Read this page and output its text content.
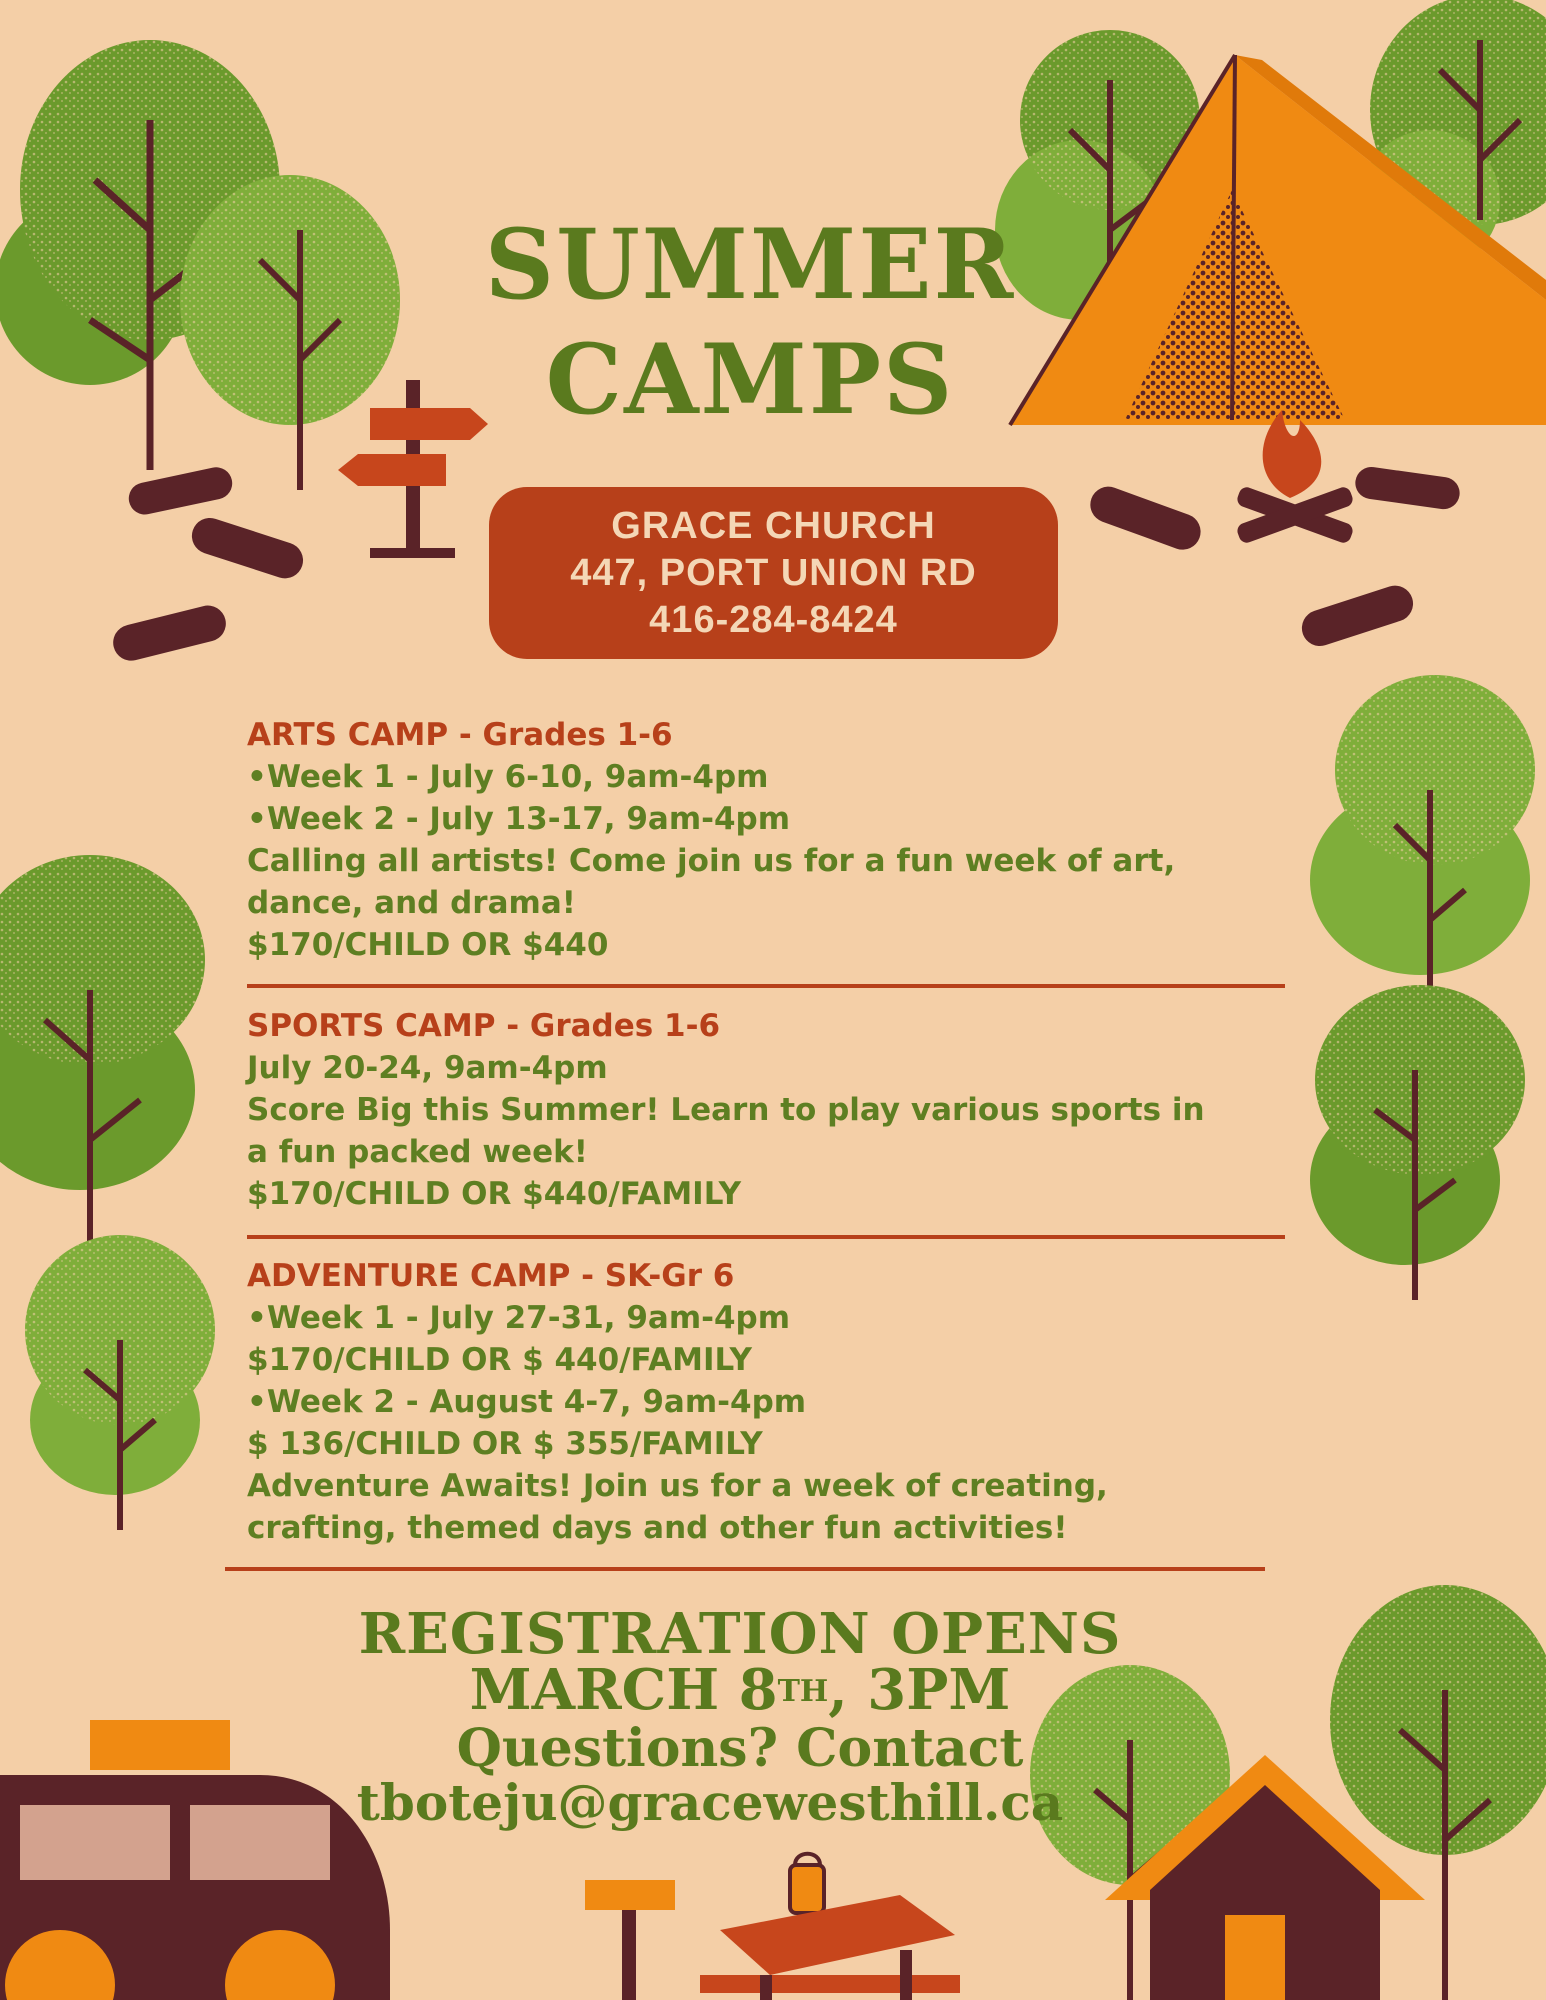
SUMMER
CAMPS
GRACE CHURCH
447, PORT UNION RD
416-284-8424
ARTS CAMP - Grades 1-6
•Week 1 - July 6-10, 9am-4pm
•Week 2 - July 13-17, 9am-4pm
Calling all artists! Come join us for a fun week of art,
dance, and drama!
$170/CHILD OR $440
SPORTS CAMP - Grades 1-6
July 20-24, 9am-4pm
Score Big this Summer! Learn to play various sports in
a fun packed week!
$170/CHILD OR $440/FAMILY
ADVENTURE CAMP - SK-Gr 6
•Week 1 - July 27-31, 9am-4pm
$170/CHILD OR $ 440/FAMILY
•Week 2 - August 4-7, 9am-4pm
$ 136/CHILD OR $ 355/FAMILY
Adventure Awaits! Join us for a week of creating,
crafting, themed days and other fun activities!
REGISTRATION OPENS
MARCH 8TH, 3PM
Questions? Contact
tboteju@gracewesthill.ca
